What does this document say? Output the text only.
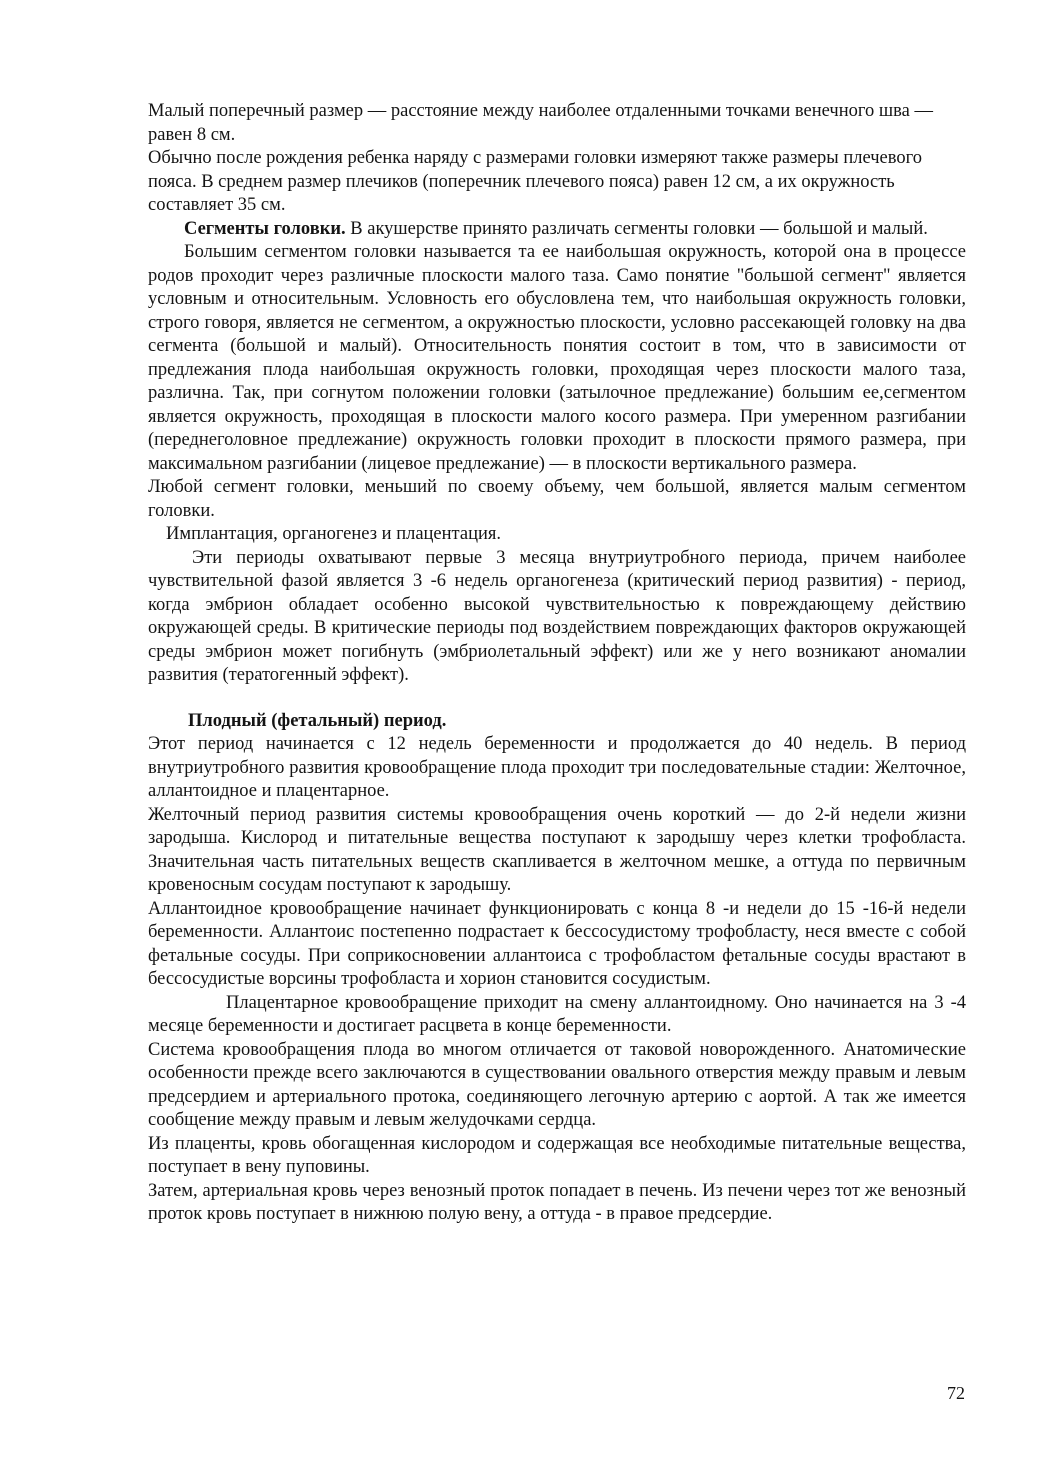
Малый поперечный размер — расстояние между наиболее отдаленными точками венечного шва — равен 8 см.

Обычно после рождения ребенка наряду с размерами головки измеряют также размеры плечевого пояса. В среднем размер плечиков (поперечник плечевого пояса) равен 12 см, а их окружность составляет 35 см.

Сегменты головки. В акушерстве принято различать сегменты головки — большой и малый.

Большим сегментом головки называется та ее наибольшая окружность, которой она в процессе родов проходит через различные плоскости малого таза. Само понятие "большой сегмент" является условным и относительным. Условность его обусловлена тем, что наибольшая окружность головки, строго говоря, является не сегментом, а окружностью плоскости, условно рассекающей головку на два сегмента (большой и малый). Относительность понятия состоит в том, что в зависимости от предлежания плода наибольшая окружность головки, проходящая через плоскости малого таза, различна. Так, при согнутом положении головки (затылочное предлежание) большим ее,сегментом является окружность, проходящая в плоскости малого косого размера. При умеренном разгибании (переднеголовное предлежание) окружность головки проходит в плоскости прямого размера, при максимальном разгибании (лицевое предлежание) — в плоскости вертикального размера.

Любой сегмент головки, меньший по своему объему, чем большой, является малым сегментом головки.

Имплантация, органогенез и плацентация.

Эти периоды охватывают первые 3 месяца внутриутробного периода, причем наиболее чувствительной фазой является 3 -6 недель органогенеза (критический период развития) - период, когда эмбрион обладает особенно высокой чувствительностью к повреждающему действию окружающей среды. В критические периоды под воздействием повреждающих факторов окружающей среды эмбрион может погибнуть (эмбриолетальный эффект) или же у него возникают аномалии развития (тератогенный эффект).

Плодный (фетальный) период.

Этот период начинается с 12 недель беременности и продолжается до 40 недель. В период внутриутробного развития кровообращение плода проходит три последовательные стадии: Желточное, аллантоидное и плацентарное.

Желточный период развития системы кровообращения очень короткий — до 2-й недели жизни зародыша. Кислород и питательные вещества поступают к зародышу через клетки трофобласта. Значительная часть питательных веществ скапливается в желточном мешке, а оттуда по первичным кровеносным сосудам поступают к зародышу.

Аллантоидное кровообращение начинает функционировать с конца 8 -и недели до 15 -16-й недели беременности. Аллантоис постепенно подрастает к бессосудистому трофобласту, неся вместе с собой фетальные сосуды. При соприкосновении аллантоиса с трофобластом фетальные сосуды врастают в бессосудистые ворсины трофобласта и хорион становится сосудистым.

Плацентарное кровообращение приходит на смену аллантоидному. Оно начинается на 3 -4 месяце беременности и достигает расцвета в конце беременности.

Система кровообращения плода во многом отличается от таковой новорожденного. Анатомические особенности прежде всего заключаются в существовании овального отверстия между правым и левым предсердием и артериального протока, соединяющего легочную артерию с аортой. А так же имеется сообщение между правым и левым желудочками сердца.

Из плаценты, кровь обогащенная кислородом и содержащая все необходимые питательные вещества, поступает в вену пуповины.

Затем, артериальная кровь через венозный проток попадает в печень. Из печени через тот же венозный проток кровь поступает в нижнюю полую вену, а оттуда - в правое предсердие.

72
